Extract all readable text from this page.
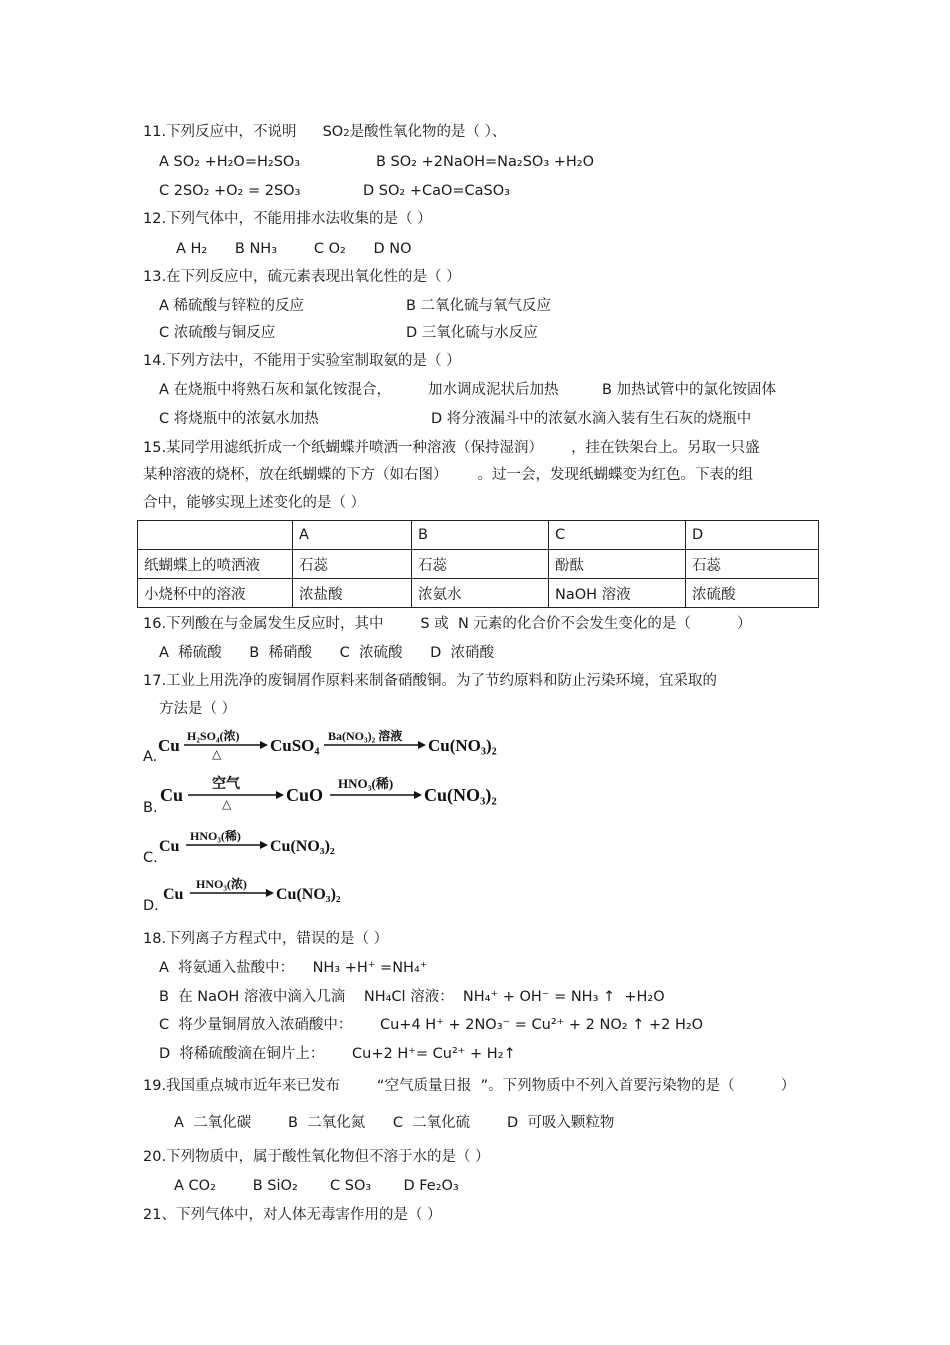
11.下列反应中，不说明 SO2是酸性氧化物的是（ ）、
A SO₂ +H₂O=H₂SO₃	B SO₂ +2NaOH=Na₂SO₃ +H₂O
C 2SO₂ +O₂ = 2SO₃	D SO₂ +CaO=CaSO₃
12.下列气体中，不能用排水法收集的是（ ）
A H₂      B NH₃        C O₂      D NO
13.在下列反应中，硫元素表现出氧化性的是（ ）
A 稀硫酸与锌粒的反应	B 二氧化硫与氧气反应
C 浓硫酸与铜反应	D 三氧化硫与水反应
14.下列方法中，不能用于实验室制取氨的是（ ）
A 在烧瓶中将熟石灰和氯化铵混合，	加水调成泥状后加热	B 加热试管中的氯化铵固体
C 将烧瓶中的浓氨水加热	D 将分液漏斗中的浓氨水滴入装有生石灰的烧瓶中
15.某同学用滤纸折成一个纸蝴蝶并喷洒一种溶液（保持湿润） ，挂在铁架台上。另取一只盛
某种溶液的烧杯，放在纸蝴蝶的下方（如右图） 。过一会，发现纸蝴蝶变为红色。下表的组
合中，能够实现上述变化的是（ ）
	A	B	C	D
纸蝴蝶上的喷洒液	石蕊	石蕊	酚酞	石蕊
小烧杯中的溶液	浓盐酸	浓氨水	NaOH 溶液	浓硫酸
16.下列酸在与金属发生反应时，其中        S 或  N 元素的化合价不会发生变化的是（          ）
A  稀硫酸      B  稀硝酸      C  浓硫酸      D  浓硝酸
17.工业上用洗净的废铜屑作原料来制备硝酸铜。为了节约原料和防止污染环境，宜采取的
方法是（ ）
A.
Cu H₂SO₄(浓)
△	CuSO₄ Ba(NO₃)₂ 溶液 Cu(NO₃)₂
B.
Cu
空气
△	CuO
HNO₃(稀)
Cu(NO₃)₂
C.
Cu
HNO₃(稀)
Cu(NO₃)₂
D.
Cu
HNO₃(浓)
Cu(NO₃)₂
18.下列离子方程式中，错误的是（ ）
A  将氨通入盐酸中：    NH₃ +H⁺ =NH₄⁺
B  在 NaOH 溶液中滴入几滴    NH₄Cl 溶液：  NH₄⁺ + OH⁻ = NH₃ ↑  +H₂O
C  将少量铜屑放入浓硝酸中：      Cu+4 H⁺ + 2NO₃⁻ = Cu²⁺ + 2 NO₂ ↑ +2 H₂O
D  将稀硫酸滴在铜片上：      Cu+2 H⁺= Cu²⁺ + H₂↑
19.我国重点城市近年来已发布        “空气质量日报  ”。下列物质中不列入首要污染物的是（          ）
A  二氧化碳        B  二氧化氮      C  二氧化硫        D  可吸入颗粒物
20.下列物质中，属于酸性氧化物但不溶于水的是（ ）
A CO₂        B SiO₂       C SO₃       D Fe₂O₃
21、下列气体中，对人体无毒害作用的是（ ）
